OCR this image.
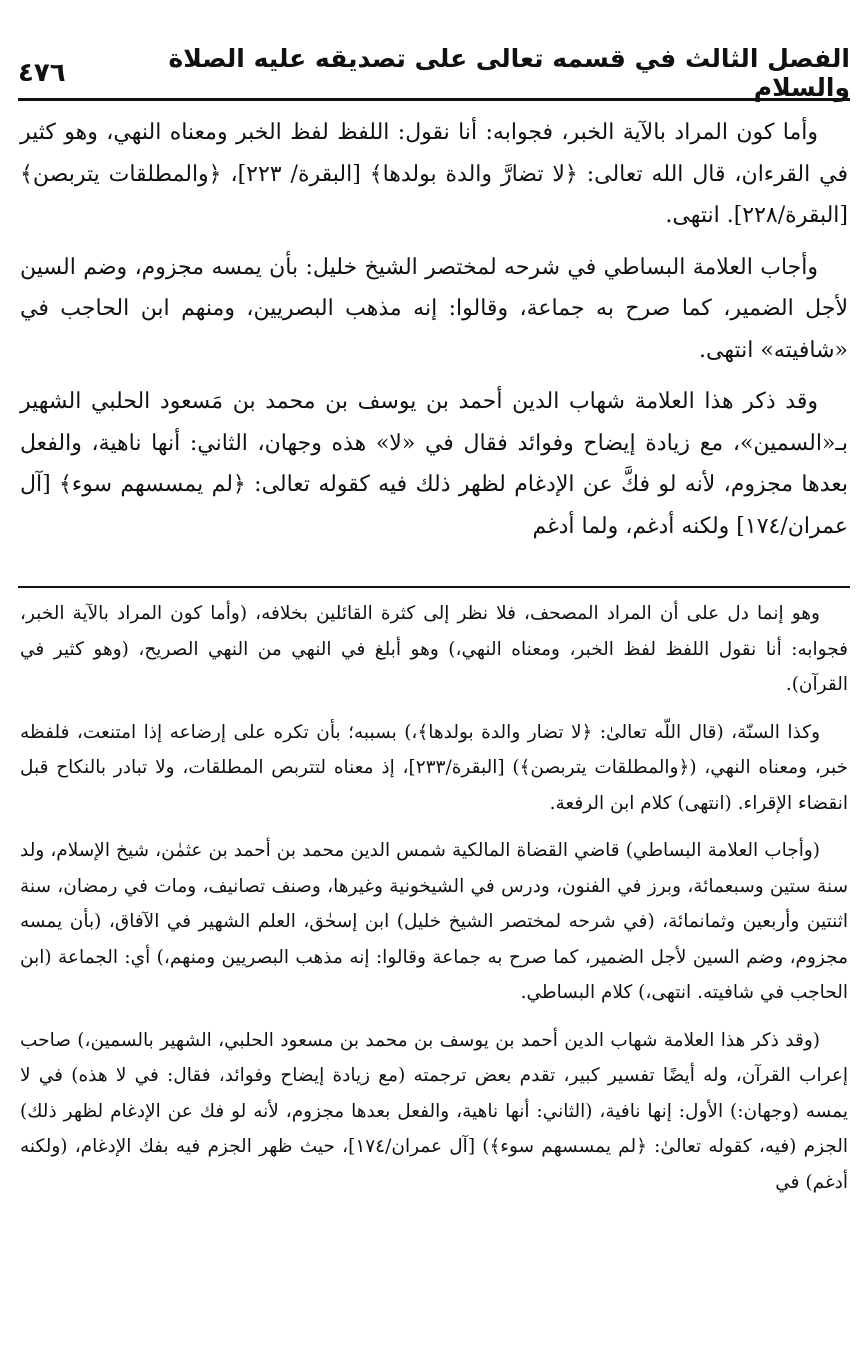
الفصل الثالث في قسمه تعالى على تصديقه عليه الصلاة والسلام
٤٧٦

وأما كون المراد بالآية الخبر، فجوابه: أنا نقول: اللفظ لفظ الخبر ومعناه النهي، وهو كثير في القرءان، قال الله تعالى: ﴿لا تضارَّ والدة بولدها﴾ [البقرة/ ٢٢٣]، ﴿والمطلقات يتربصن﴾ [البقرة/٢٢٨]. انتهى.

وأجاب العلامة البساطي في شرحه لمختصر الشيخ خليل: بأن يمسه مجزوم، وضم السين لأجل الضمير، كما صرح به جماعة، وقالوا: إنه مذهب البصريين، ومنهم ابن الحاجب في «شافيته» انتهى.

وقد ذكر هذا العلامة شهاب الدين أحمد بن يوسف بن محمد بن مَسعود الحلبي الشهير بـ«السمين»، مع زيادة إيضاح وفوائد فقال في «لا» هذه وجهان، الثاني: أنها ناهية، والفعل بعدها مجزوم، لأنه لو فكَّ عن الإدغام لظهر ذلك فيه كقوله تعالى: ﴿لم يمسسهم سوء﴾ [آل عمران/١٧٤] ولكنه أدغم، ولما أدغم

وهو إنما دل على أن المراد المصحف، فلا نظر إلى كثرة القائلين بخلافه، (وأما كون المراد بالآية الخبر، فجوابه: أنا نقول اللفظ لفظ الخبر، ومعناه النهي،) وهو أبلغ في النهي من النهي الصريح، (وهو كثير في القرآن).

وكذا السنّة، (قال اللّه تعالىٰ: ﴿لا تضار والدة بولدها﴾،) بسببه؛ بأن تكره على إرضاعه إذا امتنعت، فلفظه خبر، ومعناه النهي، (﴿والمطلقات يتربصن﴾) [البقرة/٢٣٣]، إذ معناه لتتربص المطلقات، ولا تبادر بالنكاح قبل انقضاء الإقراء. (انتهى) كلام ابن الرفعة.

(وأجاب العلامة البساطي) قاضي القضاة المالكية شمس الدين محمد بن أحمد بن عثمٰن، شيخ الإسلام، ولد سنة ستين وسبعمائة، وبرز في الفنون، ودرس في الشيخونية وغيرها، وصنف تصانيف، ومات في رمضان، سنة اثنتين وأربعين وثمانمائة، (في شرحه لمختصر الشيخ خليل) ابن إسحٰق، العلم الشهير في الآفاق، (بأن يمسه مجزوم، وضم السين لأجل الضمير، كما صرح به جماعة وقالوا: إنه مذهب البصريين ومنهم،) أي: الجماعة (ابن الحاجب في شافيته. انتهى،) كلام البساطي.

(وقد ذكر هذا العلامة شهاب الدين أحمد بن يوسف بن محمد بن مسعود الحلبي، الشهير بالسمين،) صاحب إعراب القرآن، وله أيضًا تفسير كبير، تقدم بعض ترجمته (مع زيادة إيضاح وفوائد، فقال: في لا هذه) في لا يمسه (وجهان:) الأول: إنها نافية، (الثاني: أنها ناهية، والفعل بعدها مجزوم، لأنه لو فك عن الإدغام لظهر ذلك) الجزم (فيه، كقوله تعالىٰ: ﴿لم يمسسهم سوء﴾) [آل عمران/١٧٤]، حيث ظهر الجزم فيه بفك الإدغام، (ولكنه أدغم) في
